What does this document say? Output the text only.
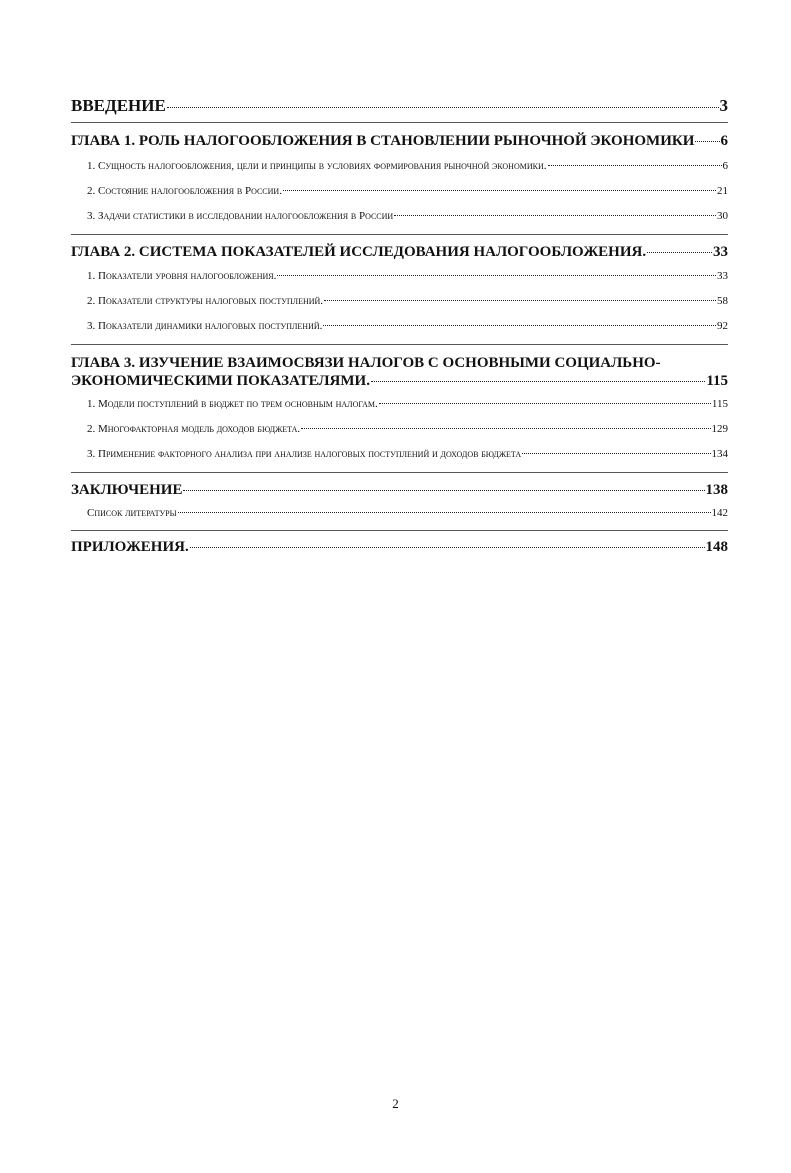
ВВЕДЕНИЕ	3
ГЛАВА 1. РОЛЬ НАЛОГООБЛОЖЕНИЯ В СТАНОВЛЕНИИ РЫНОЧНОЙ ЭКОНОМИКИ 6
1. Сущность налогообложения, цели и принципы в условиях формирования рыночной экономики.	6
2. Состояние налогообложения в России.	21
3. Задачи статистики в исследовании налогообложения в России	30
ГЛАВА 2. СИСТЕМА ПОКАЗАТЕЛЕЙ ИССЛЕДОВАНИЯ НАЛОГООБЛОЖЕНИЯ.	33
1. Показатели уровня налогообложения.	33
2. Показатели структуры налоговых поступлений.	58
3. Показатели динамики налоговых поступлений.	92
ГЛАВА 3. ИЗУЧЕНИЕ ВЗАИМОСВЯЗИ НАЛОГОВ С ОСНОВНЫМИ СОЦИАЛЬНО-
ЭКОНОМИЧЕСКИМИ ПОКАЗАТЕЛЯМИ.	115
1. Модели поступлений в бюджет по трем основным налогам.	115
2. Многофакторная модель доходов бюджета.	129
3. Применение факторного анализа при анализе налоговых поступлений и доходов бюджета	134
ЗАКЛЮЧЕНИЕ	138
Список литературы	142
ПРИЛОЖЕНИЯ.	148
2
